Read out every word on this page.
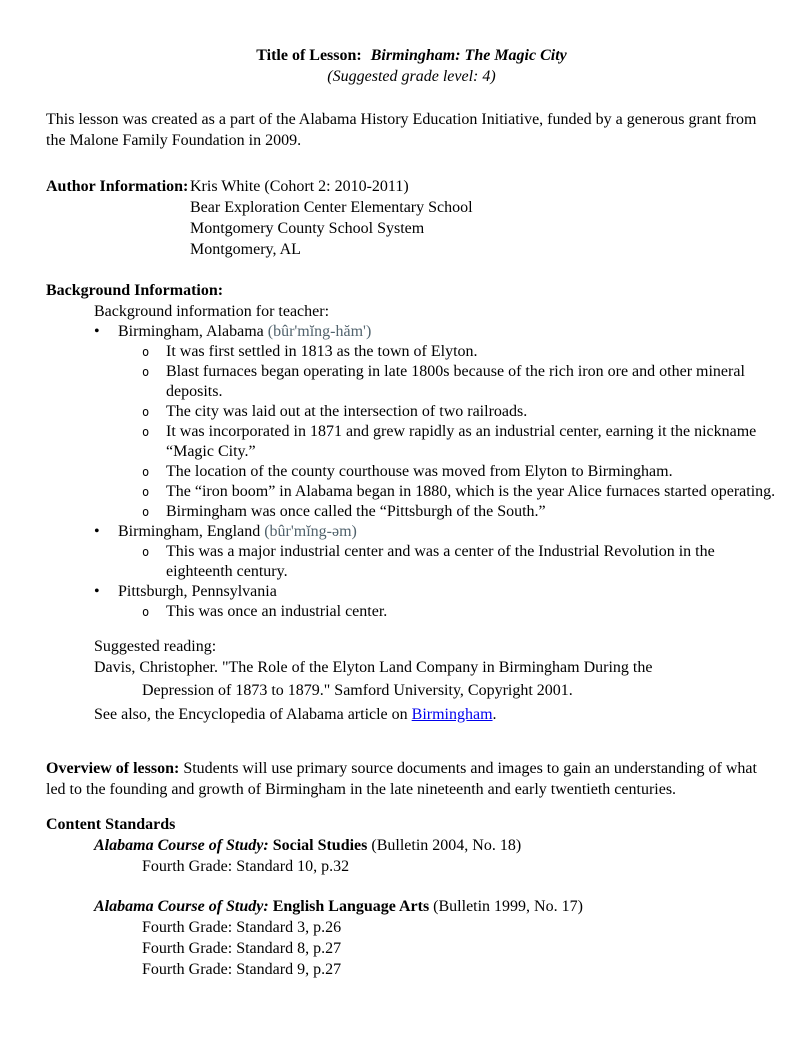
Title of Lesson: Birmingham: The Magic City
(Suggested grade level: 4)

This lesson was created as a part of the Alabama History Education Initiative, funded by a generous grant from the Malone Family Foundation in 2009.

Author Information: Kris White (Cohort 2: 2010-2011)
Bear Exploration Center Elementary School
Montgomery County School System
Montgomery, AL
Background Information:
Background information for teacher:
•	Birmingham, Alabama (bûr'mĭng-hăm')
o	It was first settled in 1813 as the town of Elyton.
o	Blast furnaces began operating in late 1800s because of the rich iron ore and other mineral deposits.
o	The city was laid out at the intersection of two railroads.
o	It was incorporated in 1871 and grew rapidly as an industrial center, earning it the nickname “Magic City.”
o	The location of the county courthouse was moved from Elyton to Birmingham.
o	The “iron boom” in Alabama began in 1880, which is the year Alice furnaces started operating.
o	Birmingham was once called the “Pittsburgh of the South.”
•	Birmingham, England (bûr'mĭng-əm)
o	This was a major industrial center and was a center of the Industrial Revolution in the eighteenth century.
•	Pittsburgh, Pennsylvania
o	This was once an industrial center.
Suggested reading:
Davis, Christopher. "The Role of the Elyton Land Company in Birmingham During the
Depression of 1873 to 1879." Samford University, Copyright 2001.
See also, the Encyclopedia of Alabama article on Birmingham.

Overview of lesson: Students will use primary source documents and images to gain an understanding of what led to the founding and growth of Birmingham in the late nineteenth and early twentieth centuries.

Content Standards
Alabama Course of Study: Social Studies (Bulletin 2004, No. 18)
Fourth Grade: Standard 10, p.32
Alabama Course of Study: English Language Arts (Bulletin 1999, No. 17)
Fourth Grade: Standard 3, p.26
Fourth Grade: Standard 8, p.27
Fourth Grade: Standard 9, p.27
